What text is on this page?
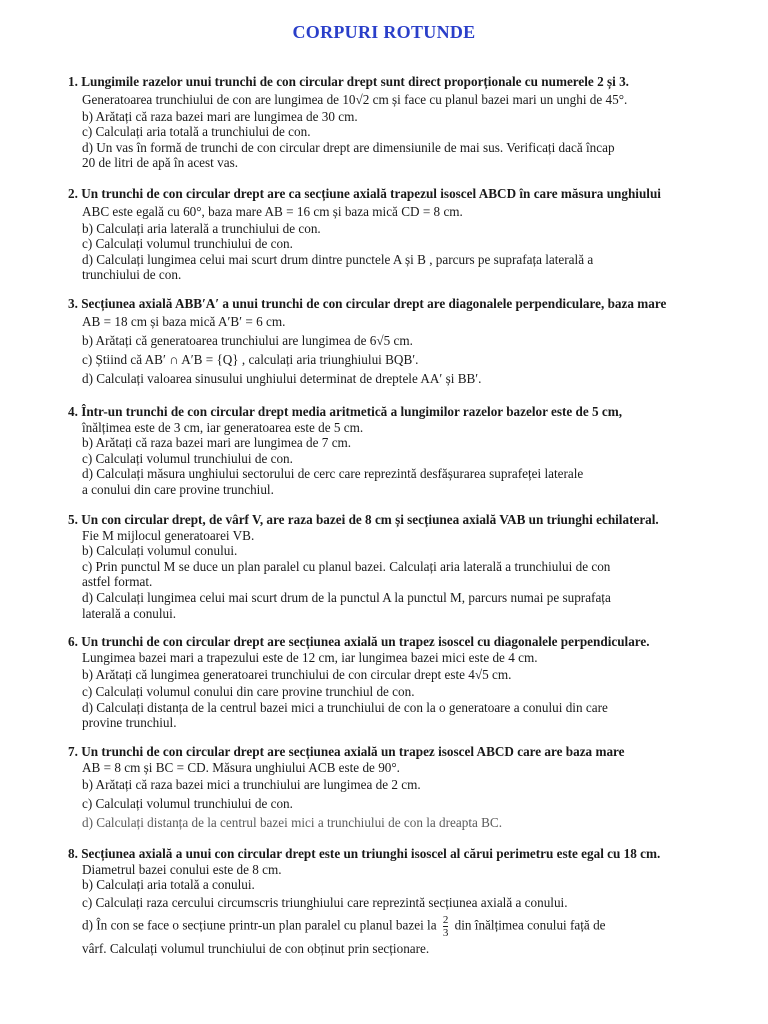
CORPURI ROTUNDE
1. Lungimile razelor unui trunchi de con circular drept sunt direct proporționale cu numerele 2 și 3.
Generatoarea trunchiului de con are lungimea de 10√2 cm și face cu planul bazei mari un unghi de 45°.
b) Arătați că raza bazei mari are lungimea de 30 cm.
c) Calculați aria totală a trunchiului de con.
d) Un vas în formă de trunchi de con circular drept are dimensiunile de mai sus. Verificați dacă încap
20 de litri de apă în acest vas.
2. Un trunchi de con circular drept are ca secțiune axială trapezul isoscel ABCD în care măsura unghiului
ABC este egală cu 60°, baza mare AB = 16 cm și baza mică CD = 8 cm.
b) Calculați aria laterală a trunchiului de con.
c) Calculați volumul trunchiului de con.
d) Calculați lungimea celui mai scurt drum dintre punctele A și B , parcurs pe suprafața laterală a
trunchiului de con.
3. Secțiunea axială ABB′A′ a unui trunchi de con circular drept are diagonalele perpendiculare, baza mare
AB = 18 cm și baza mică A′B′ = 6 cm.
b) Arătați că generatoarea trunchiului are lungimea de 6√5 cm.
c) Știind că AB′ ∩ A′B = {Q} , calculați aria triunghiului BQB′.
d) Calculați valoarea sinusului unghiului determinat de dreptele AA′ și BB′.
4. Într-un trunchi de con circular drept media aritmetică a lungimilor razelor bazelor este de 5 cm,
înălțimea este de 3 cm, iar generatoarea este de 5 cm.
b) Arătați că raza bazei mari are lungimea de 7 cm.
c) Calculați volumul trunchiului de con.
d) Calculați măsura unghiului sectorului de cerc care reprezintă desfășurarea suprafeței laterale
a conului din care provine trunchiul.
5. Un con circular drept, de vârf V, are raza bazei de 8 cm și secțiunea axială VAB un triunghi echilateral.
Fie M mijlocul generatoarei VB.
b) Calculați volumul conului.
c) Prin punctul M se duce un plan paralel cu planul bazei. Calculați aria laterală a trunchiului de con
astfel format.
d) Calculați lungimea celui mai scurt drum de la punctul A la punctul M, parcurs numai pe suprafața
laterală a conului.
6. Un trunchi de con circular drept are secțiunea axială un trapez isoscel cu diagonalele perpendiculare.
Lungimea bazei mari a trapezului este de 12 cm, iar lungimea bazei mici este de 4 cm.
b) Arătați că lungimea generatoarei trunchiului de con circular drept este 4√5 cm.
c) Calculați volumul conului din care provine trunchiul de con.
d) Calculați distanța de la centrul bazei mici a trunchiului de con la o generatoare a conului din care
provine trunchiul.
7. Un trunchi de con circular drept are secțiunea axială un trapez isoscel ABCD care are baza mare
AB = 8 cm și BC = CD. Măsura unghiului ACB este de 90°.
b) Arătați că raza bazei mici a trunchiului are lungimea de 2 cm.
c) Calculați volumul trunchiului de con.
d) Calculați distanța de la centrul bazei mici a trunchiului de con la dreapta BC.
8. Secțiunea axială a unui con circular drept este un triunghi isoscel al cărui perimetru este egal cu 18 cm.
Diametrul bazei conului este de 8 cm.
b) Calculați aria totală a conului.
c) Calculați raza cercului circumscris triunghiului care reprezintă secțiunea axială a conului.
d) În con se face o secțiune printr-un plan paralel cu planul bazei la $\frac{2}{3}$ din înălțimea conului față de
vârf. Calculați volumul trunchiului de con obținut prin secționare.
